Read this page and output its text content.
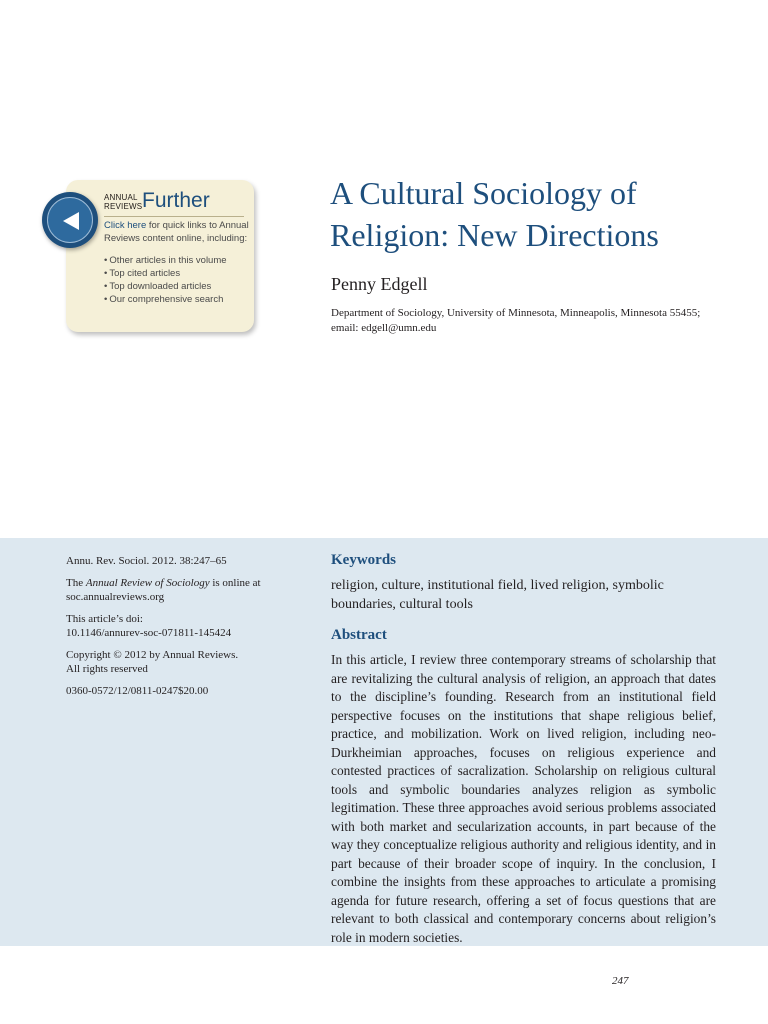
ANNUAL
REVIEWS Further
Click here for quick links to Annual Reviews content online, including:
• Other articles in this volume
• Top cited articles
• Top downloaded articles
• Our comprehensive search
A Cultural Sociology of
Religion: New Directions
Penny Edgell
Department of Sociology, University of Minnesota, Minneapolis, Minnesota 55455;
email: edgell@umn.edu

Annu. Rev. Sociol. 2012. 38:247–65

The Annual Review of Sociology is online at
soc.annualreviews.org

This article’s doi:
10.1146/annurev-soc-071811-145424

Copyright © 2012 by Annual Reviews.
All rights reserved

0360-0572/12/0811-0247$20.00

Keywords
religion, culture, institutional field, lived religion, symbolic boundaries, cultural tools
Abstract

In this article, I review three contemporary streams of scholarship that are revitalizing the cultural analysis of religion, an approach that dates to the discipline’s founding. Research from an institutional field perspective focuses on the institutions that shape religious belief, practice, and mobilization. Work on lived religion, including neo-Durkheimian approaches, focuses on religious experience and contested practices of sacralization. Scholarship on religious cultural tools and symbolic boundaries analyzes religion as symbolic legitimation. These three approaches avoid serious problems associated with both market and secularization accounts, in part because of the way they conceptualize religious authority and religious identity, and in part because of their broader scope of inquiry. In the conclusion, I combine the insights from these approaches to articulate a promising agenda for future research, offering a set of focus questions that are relevant to both classical and contemporary concerns about religion’s role in modern societies.

247
